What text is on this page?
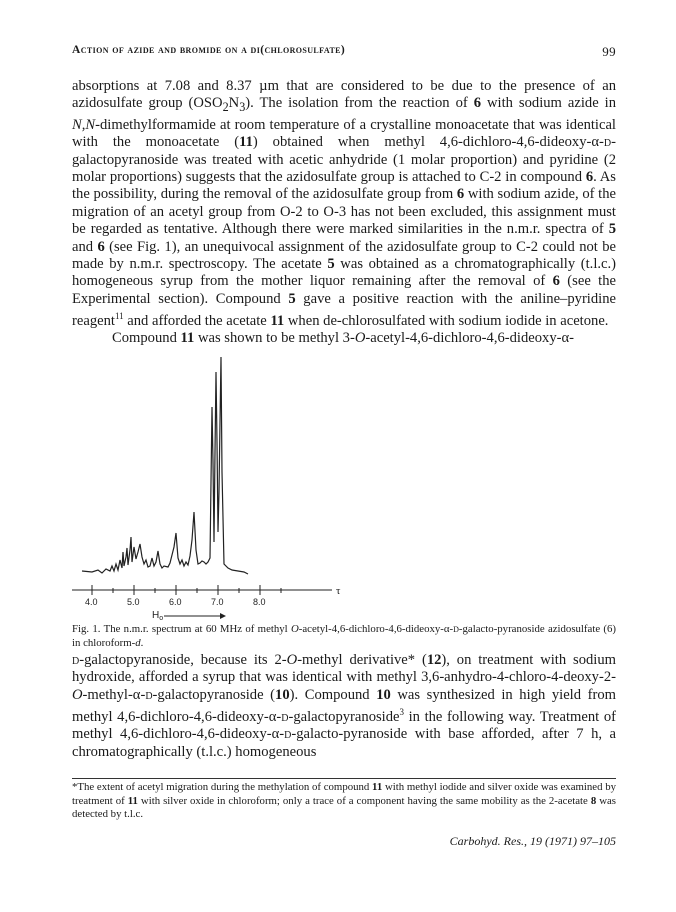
Action of azide and bromide on a di(chlorosulfate)	99

absorptions at 7.08 and 8.37 µm that are considered to be due to the presence of an azidosulfate group $(OSO_2N_3)$. The isolation from the reaction of 6 with sodium azide in N,N-dimethylformamide at room temperature of a crystalline monoacetate that was identical with the monoacetate (11) obtained when methyl 4,6-dichloro-4,6-dideoxy-α-d-galactopyranoside was treated with acetic anhydride (1 molar proportion) and pyridine (2 molar proportions) suggests that the azidosulfate group is attached to C-2 in compound 6. As the possibility, during the removal of the azidosulfate group from 6 with sodium azide, of the migration of an acetyl group from O-2 to O-3 has not been excluded, this assignment must be regarded as tentative. Although there were marked similarities in the n.m.r. spectra of 5 and 6 (see Fig. 1), an unequivocal assignment of the azidosulfate group to C-2 could not be made by n.m.r. spectroscopy. The acetate 5 was obtained as a chromatographically (t.l.c.) homogeneous syrup from the mother liquor remaining after the removal of 6 (see the Experimental section). Compound 5 gave a positive reaction with the aniline–pyridine reagent$^{11}$ and afforded the acetate 11 when de-chlorosulfated with sodium iodide in acetone.

Compound 11 was shown to be methyl 3-O-acetyl-4,6-dichloro-4,6-dideoxy-α-

4.0	5.0	6.0	7.0	8.0
τ
$H_o$
Fig. 1. The n.m.r. spectrum at 60 MHz of methyl O-acetyl-4,6-dichloro-4,6-dideoxy-α-d-galacto-pyranoside azidosulfate (6) in chloroform-d.

d-galactopyranoside, because its 2-O-methyl derivative* (12), on treatment with sodium hydroxide, afforded a syrup that was identical with methyl 3,6-anhydro-4-chloro-4-deoxy-2-O-methyl-α-d-galactopyranoside (10). Compound 10 was synthesized in high yield from methyl 4,6-dichloro-4,6-dideoxy-α-d-galactopyranoside$^3$ in the following way. Treatment of methyl 4,6-dichloro-4,6-dideoxy-α-d-galacto-pyranoside with base afforded, after 7 h, a chromatographically (t.l.c.) homogeneous

*The extent of acetyl migration during the methylation of compound 11 with methyl iodide and silver oxide was examined by treatment of 11 with silver oxide in chloroform; only a trace of a component having the same mobility as the 2-acetate 8 was detected by t.l.c.
Carbohyd. Res., 19 (1971) 97–105
